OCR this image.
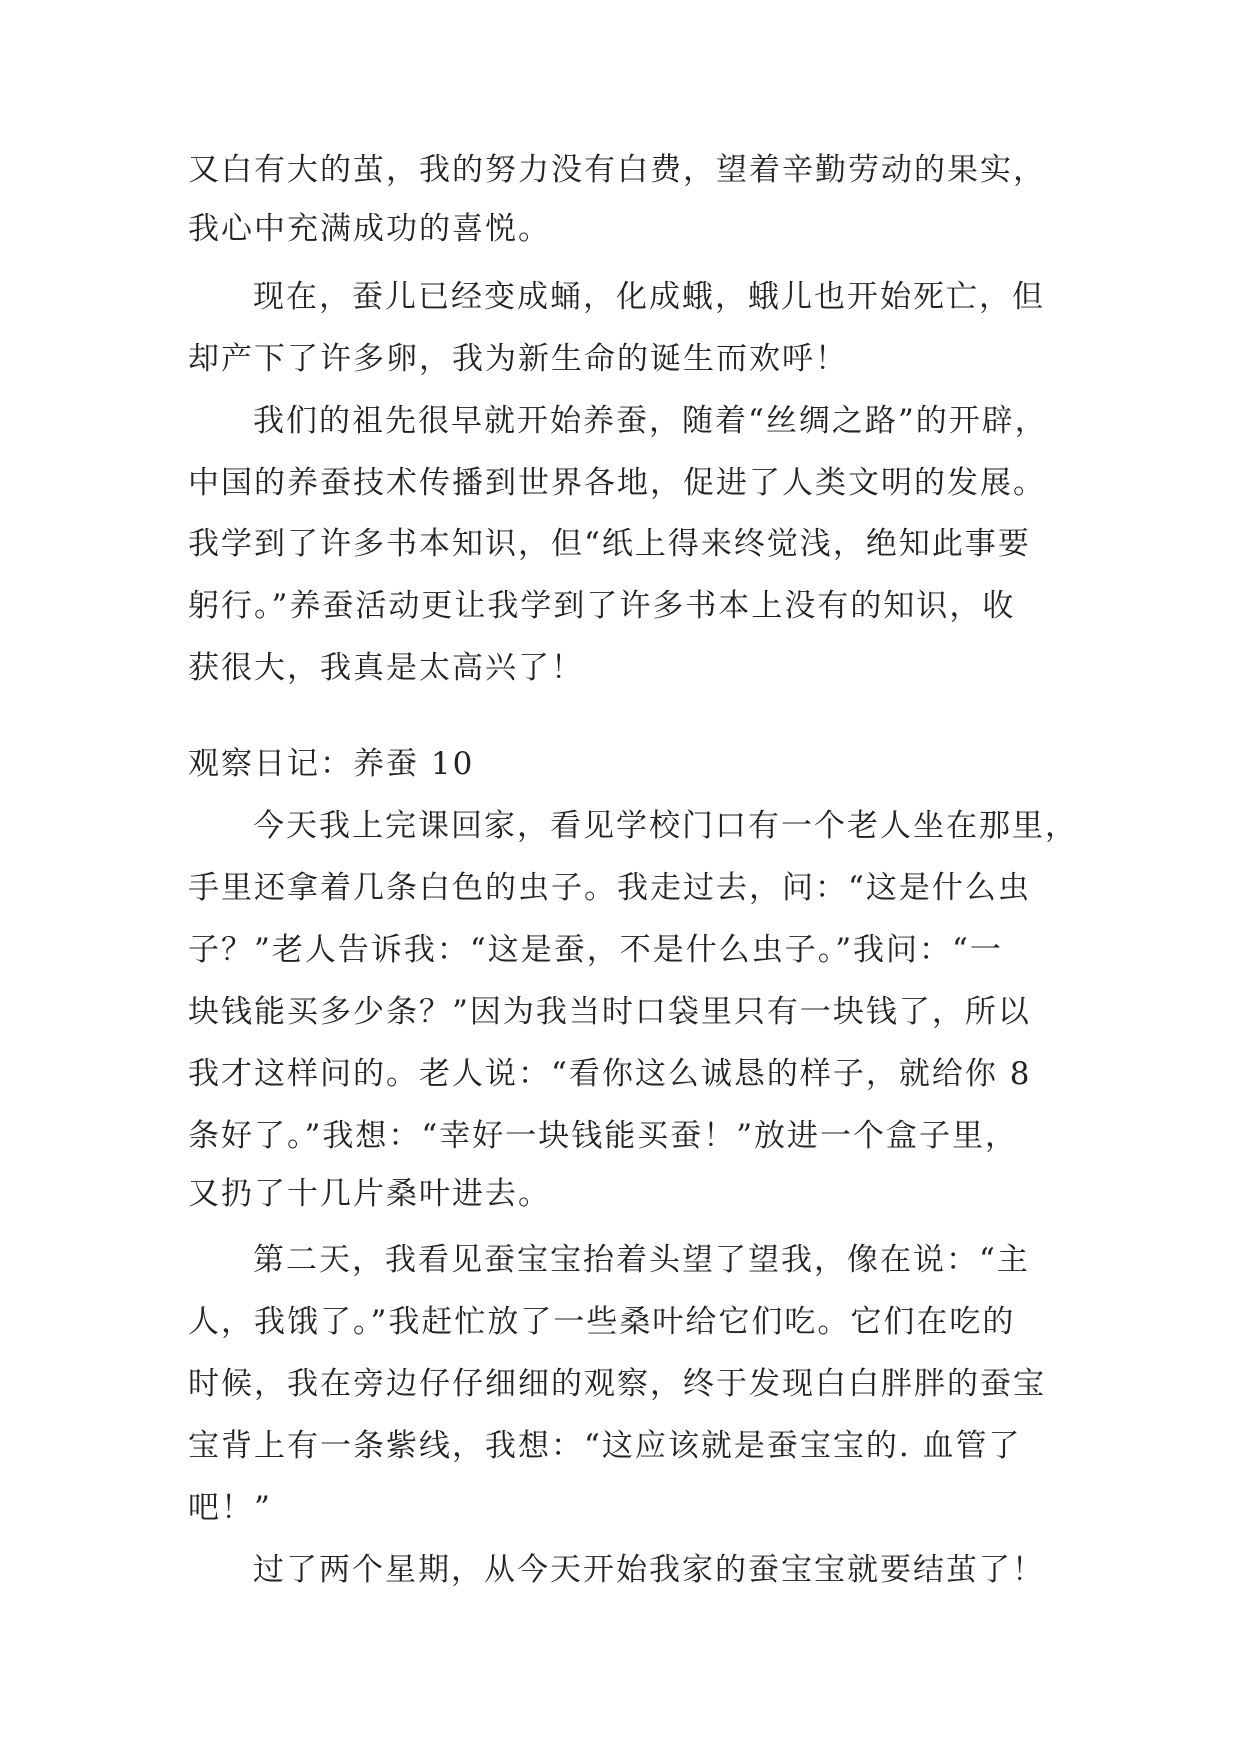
又白有大的茧，我的努力没有白费，望着辛勤劳动的果实，
我心中充满成功的喜悦。
现在，蚕儿已经变成蛹，化成蛾，蛾儿也开始死亡，但
却产下了许多卵，我为新生命的诞生而欢呼！
我们的祖先很早就开始养蚕，随着“丝绸之路”的开辟，
中国的养蚕技术传播到世界各地，促进了人类文明的发展。
我学到了许多书本知识，但“纸上得来终觉浅，绝知此事要
躬行。”养蚕活动更让我学到了许多书本上没有的知识，收
获很大，我真是太高兴了！
观察日记：养蚕 10
今天我上完课回家，看见学校门口有一个老人坐在那里，
手里还拿着几条白色的虫子。我走过去，问：“这是什么虫
子？”老人告诉我：“这是蚕，不是什么虫子。”我问：“一
块钱能买多少条？”因为我当时口袋里只有一块钱了，所以
我才这样问的。老人说：“看你这么诚恳的样子，就给你 8
条好了。”我想：“幸好一块钱能买蚕！”放进一个盒子里，
又扔了十几片桑叶进去。
第二天，我看见蚕宝宝抬着头望了望我，像在说：“主
人，我饿了。”我赶忙放了一些桑叶给它们吃。它们在吃的
时候，我在旁边仔仔细细的观察，终于发现白白胖胖的蚕宝
宝背上有一条紫线，我想：“这应该就是蚕宝宝的. 血管了
吧！”
过了两个星期，从今天开始我家的蚕宝宝就要结茧了！
